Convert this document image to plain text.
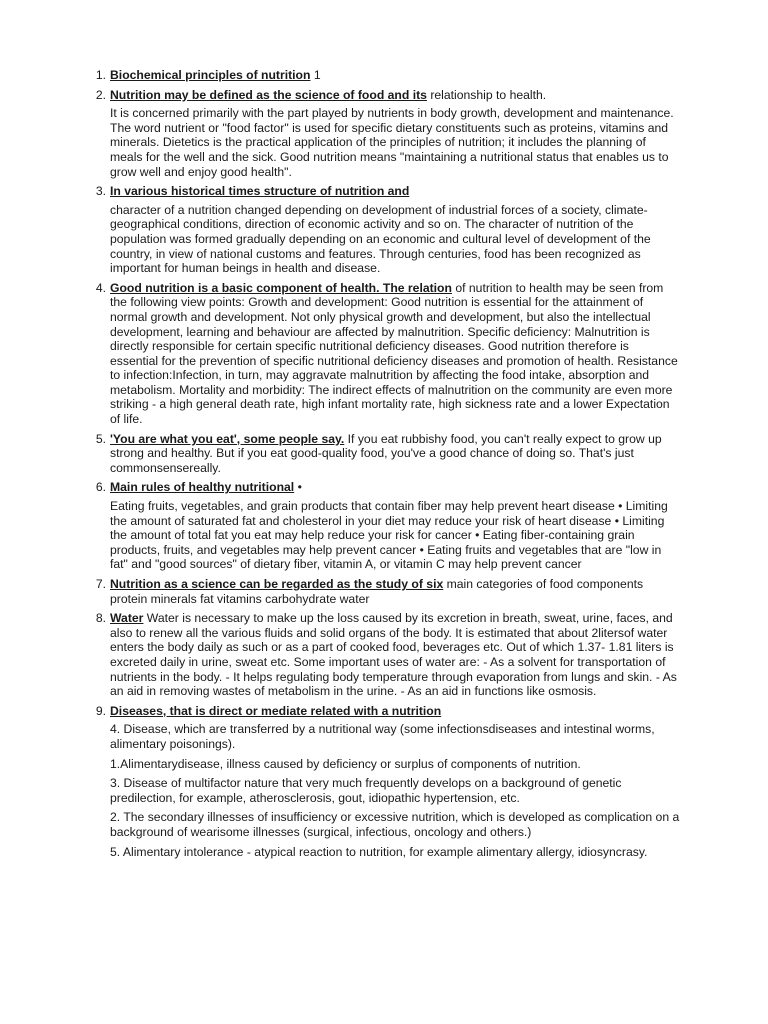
1. Biochemical principles of nutrition 1
2. Nutrition may be defined as the science of food and its relationship to health.
It is concerned primarily with the part played by nutrients in body growth, development and maintenance. The word nutrient or "food factor" is used for specific dietary constituents such as proteins, vitamins and minerals. Dietetics is the practical application of the principles of nutrition; it includes the planning of meals for the well and the sick. Good nutrition means "maintaining a nutritional status that enables us to grow well and enjoy good health".
3. In various historical times structure of nutrition and
character of a nutrition changed depending on development of industrial forces of a society, climate-geographical conditions, direction of economic activity and so on. The character of nutrition of the population was formed gradually depending on an economic and cultural level of development of the country, in view of national customs and features. Through centuries, food has been recognized as important for human beings in health and disease.
4. Good nutrition is a basic component of health. The relation of nutrition to health may be seen from the following view points: Growth and development: Good nutrition is essential for the attainment of normal growth and development. Not only physical growth and development, but also the intellectual development, learning and behaviour are affected by malnutrition. Specific deficiency: Malnutrition is directly responsible for certain specific nutritional deficiency diseases. Good nutrition therefore is essential for the prevention of specific nutritional deficiency diseases and promotion of health. Resistance to infection:Infection, in turn, may aggravate malnutrition by affecting the food intake, absorption and metabolism. Mortality and morbidity: The indirect effects of malnutrition on the community are even more striking - a high general death rate, high infant mortality rate, high sickness rate and a lower Expectation of life.
5. 'You are what you eat', some people say. If you eat rubbishy food, you can't really expect to grow up strong and healthy. But if you eat good-quality food, you've a good chance of doing so. That's just commonsensereally.
6. Main rules of healthy nutritional •
Eating fruits, vegetables, and grain products that contain fiber may help prevent heart disease • Limiting the amount of saturated fat and cholesterol in your diet may reduce your risk of heart disease • Limiting the amount of total fat you eat may help reduce your risk for cancer • Eating fiber-containing grain products, fruits, and vegetables may help prevent cancer • Eating fruits and vegetables that are "low in fat" and "good sources" of dietary fiber, vitamin A, or vitamin C may help prevent cancer
7. Nutrition as a science can be regarded as the study of six main categories of food components protein minerals fat vitamins carbohydrate water
8. Water Water is necessary to make up the loss caused by its excretion in breath, sweat, urine, faces, and also to renew all the various fluids and solid organs of the body. It is estimated that about 2litersof water enters the body daily as such or as a part of cooked food, beverages etc. Out of which 1.37- 1.81 liters is excreted daily in urine, sweat etc. Some important uses of water are: - As a solvent for transportation of nutrients in the body. - It helps regulating body temperature through evaporation from lungs and skin. - As an aid in removing wastes of metabolism in the urine. - As an aid in functions like osmosis.
9. Diseases, that is direct or mediate related with a nutrition
4. Disease, which are transferred by a nutritional way (some infectionsdiseases and intestinal worms, alimentary poisonings).
1.Alimentarydisease, illness caused by deficiency or surplus of components of nutrition.
3. Disease of multifactor nature that very much frequently develops on a background of genetic predilection, for example, atherosclerosis, gout, idiopathic hypertension, etc.
2. The secondary illnesses of insufficiency or excessive nutrition, which is developed as complication on a background of wearisome illnesses (surgical, infectious, oncology and others.)
5. Alimentary intolerance - atypical reaction to nutrition, for example alimentary allergy, idiosyncrasy.
